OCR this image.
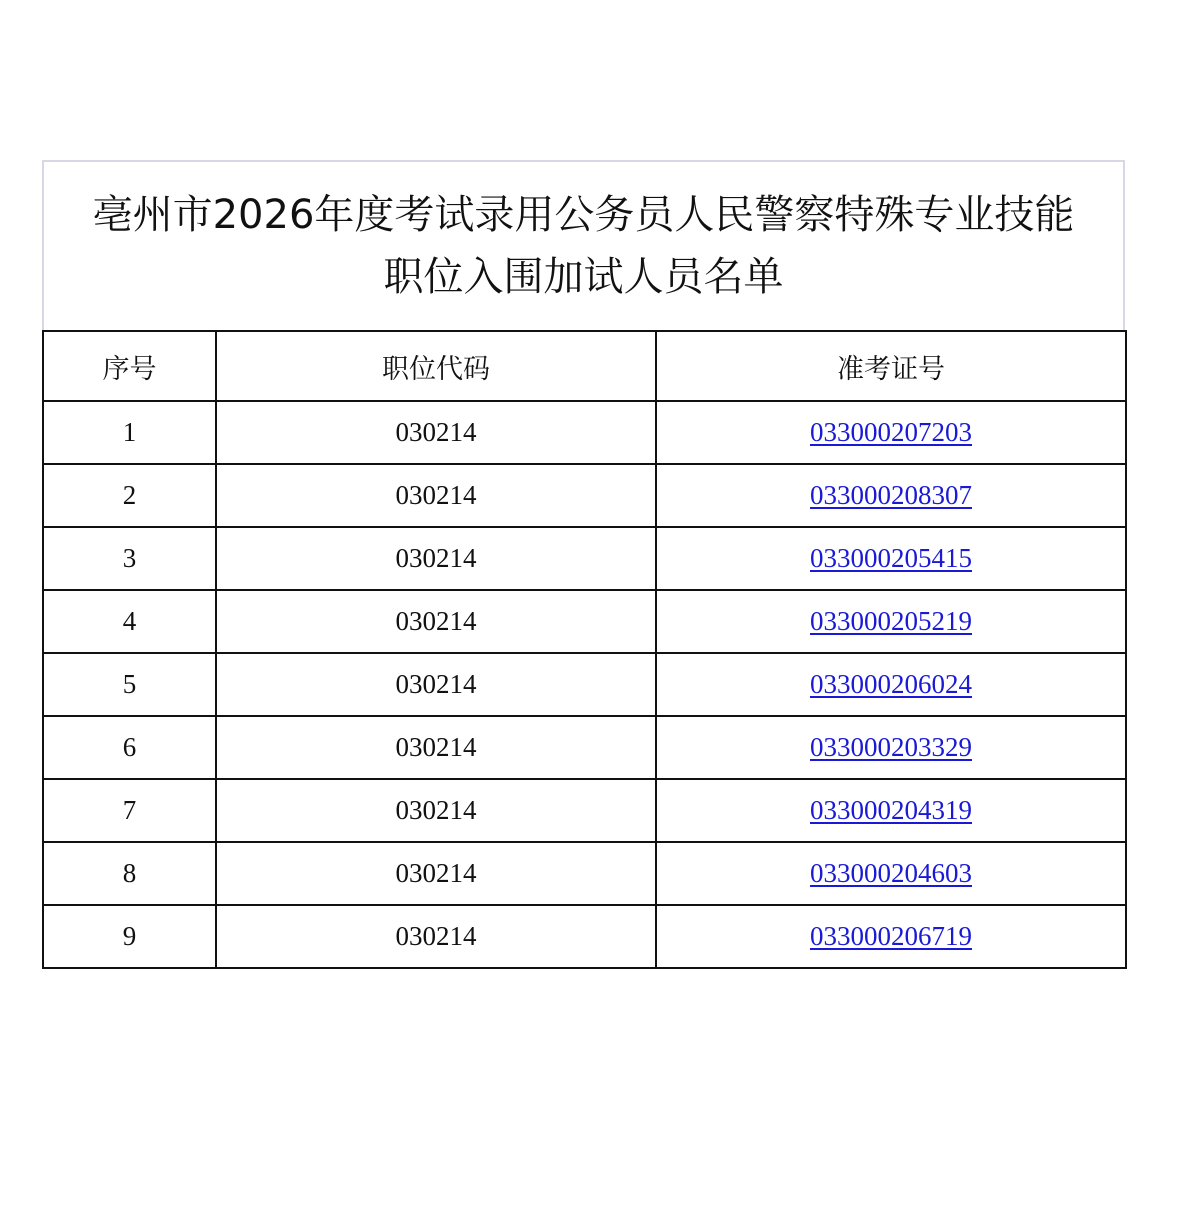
亳州市2026年度考试录用公务员人民警察特殊专业技能
职位入围加试人员名单
序号	职位代码	准考证号
1	030214	033000207203
2	030214	033000208307
3	030214	033000205415
4	030214	033000205219
5	030214	033000206024
6	030214	033000203329
7	030214	033000204319
8	030214	033000204603
9	030214	033000206719
